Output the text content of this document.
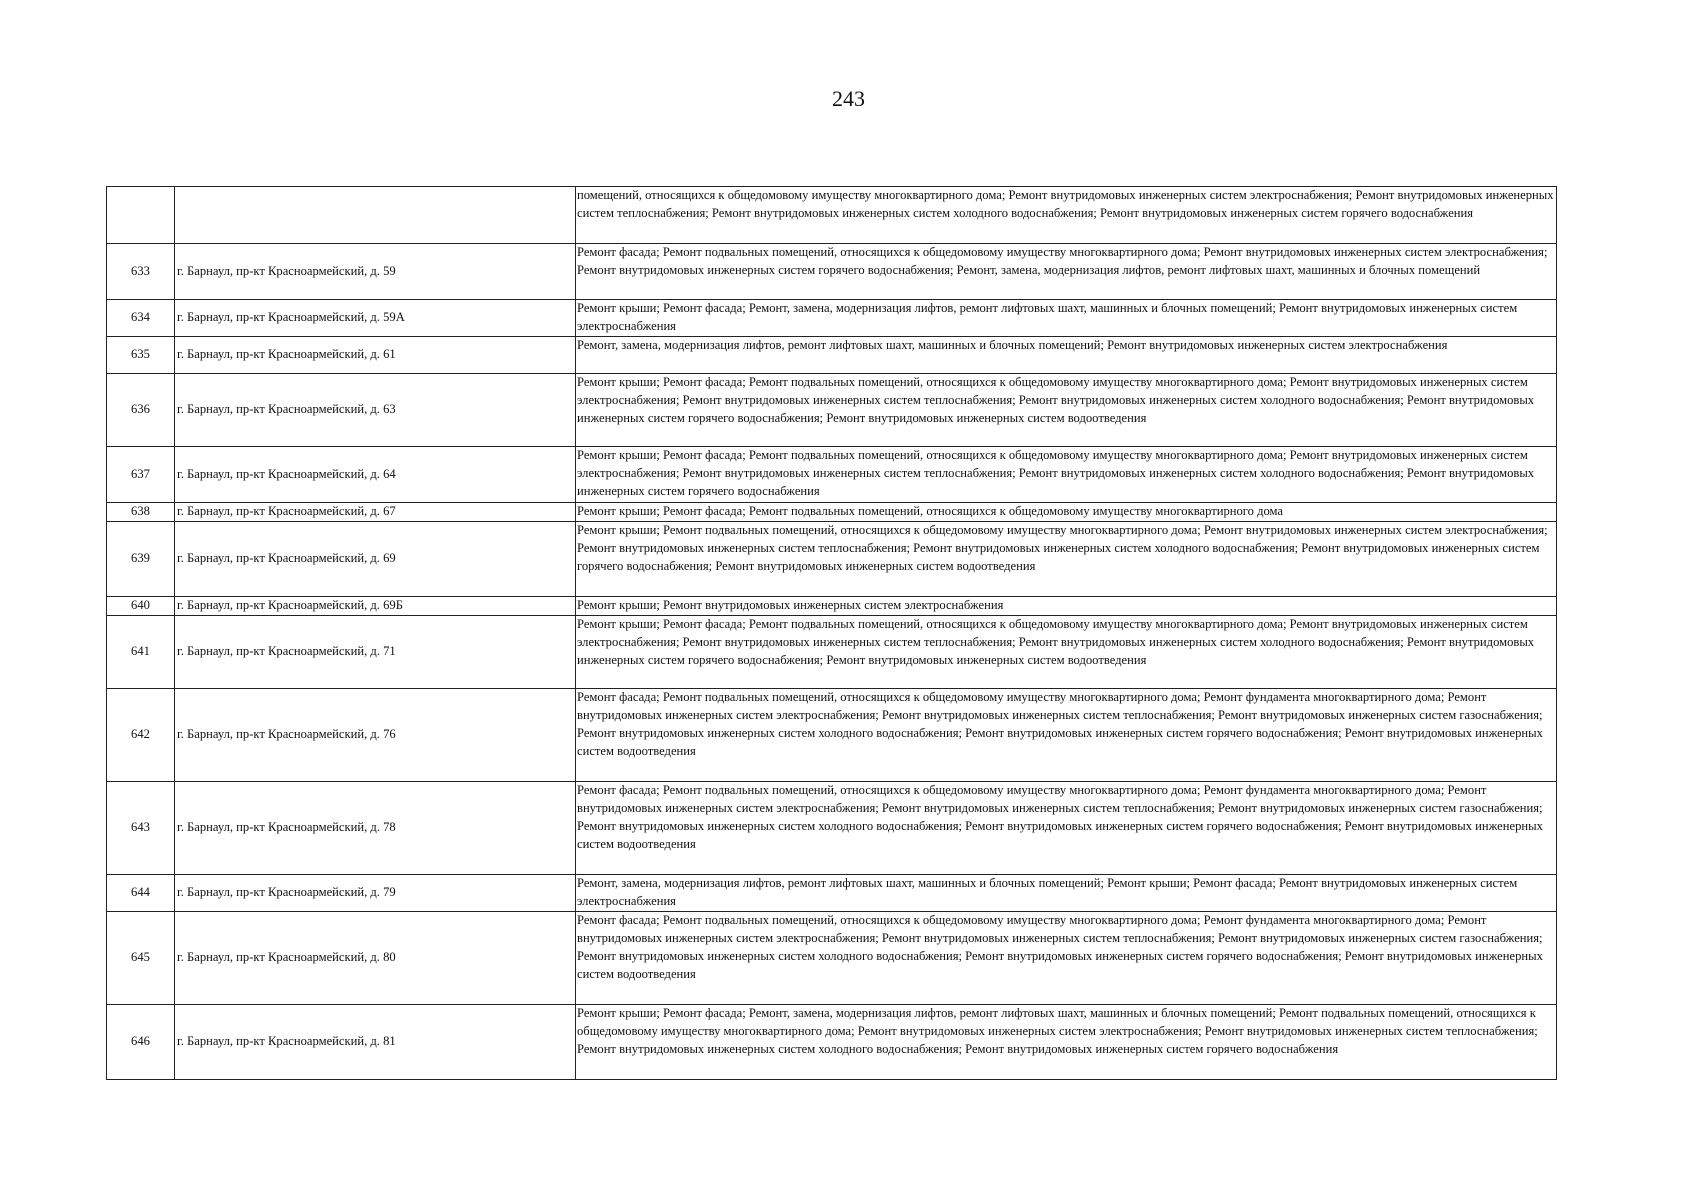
243
		помещений, относящихся к общедомовому имуществу многоквартирного дома; Ремонт внутридомовых инженерных систем электроснабжения; Ремонт внутридомовых инженерных систем теплоснабжения; Ремонт внутридомовых инженерных систем холодного водоснабжения; Ремонт внутридомовых инженерных систем горячего водоснабжения
633	г. Барнаул, пр-кт Красноармейский, д. 59	Ремонт фасада; Ремонт подвальных помещений, относящихся к общедомовому имуществу многоквартирного дома; Ремонт внутридомовых инженерных систем электроснабжения; Ремонт внутридомовых инженерных систем горячего водоснабжения; Ремонт, замена, модернизация лифтов, ремонт лифтовых шахт, машинных и блочных помещений
634	г. Барнаул, пр-кт Красноармейский, д. 59А	Ремонт крыши; Ремонт фасада; Ремонт, замена, модернизация лифтов, ремонт лифтовых шахт, машинных и блочных помещений; Ремонт внутридомовых инженерных систем электроснабжения
635	г. Барнаул, пр-кт Красноармейский, д. 61	Ремонт, замена, модернизация лифтов, ремонт лифтовых шахт, машинных и блочных помещений; Ремонт внутридомовых инженерных систем электроснабжения
636	г. Барнаул, пр-кт Красноармейский, д. 63	Ремонт крыши; Ремонт фасада; Ремонт подвальных помещений, относящихся к общедомовому имуществу многоквартирного дома; Ремонт внутридомовых инженерных систем электроснабжения; Ремонт внутридомовых инженерных систем теплоснабжения; Ремонт внутридомовых инженерных систем холодного водоснабжения; Ремонт внутридомовых инженерных систем горячего водоснабжения; Ремонт внутридомовых инженерных систем водоотведения
637	г. Барнаул, пр-кт Красноармейский, д. 64	Ремонт крыши; Ремонт фасада; Ремонт подвальных помещений, относящихся к общедомовому имуществу многоквартирного дома; Ремонт внутридомовых инженерных систем электроснабжения; Ремонт внутридомовых инженерных систем теплоснабжения; Ремонт внутридомовых инженерных систем холодного водоснабжения; Ремонт внутридомовых инженерных систем горячего водоснабжения
638	г. Барнаул, пр-кт Красноармейский, д. 67	Ремонт крыши; Ремонт фасада; Ремонт подвальных помещений, относящихся к общедомовому имуществу многоквартирного дома
639	г. Барнаул, пр-кт Красноармейский, д. 69	Ремонт крыши; Ремонт подвальных помещений, относящихся к общедомовому имуществу многоквартирного дома; Ремонт внутридомовых инженерных систем электроснабжения; Ремонт внутридомовых инженерных систем теплоснабжения; Ремонт внутридомовых инженерных систем холодного водоснабжения; Ремонт внутридомовых инженерных систем горячего водоснабжения; Ремонт внутридомовых инженерных систем водоотведения
640	г. Барнаул, пр-кт Красноармейский, д. 69Б	Ремонт крыши; Ремонт внутридомовых инженерных систем электроснабжения
641	г. Барнаул, пр-кт Красноармейский, д. 71	Ремонт крыши; Ремонт фасада; Ремонт подвальных помещений, относящихся к общедомовому имуществу многоквартирного дома; Ремонт внутридомовых инженерных систем электроснабжения; Ремонт внутридомовых инженерных систем теплоснабжения; Ремонт внутридомовых инженерных систем холодного водоснабжения; Ремонт внутридомовых инженерных систем горячего водоснабжения; Ремонт внутридомовых инженерных систем водоотведения
642	г. Барнаул, пр-кт Красноармейский, д. 76	Ремонт фасада; Ремонт подвальных помещений, относящихся к общедомовому имуществу многоквартирного дома; Ремонт фундамента многоквартирного дома; Ремонт внутридомовых инженерных систем электроснабжения; Ремонт внутридомовых инженерных систем теплоснабжения; Ремонт внутридомовых инженерных систем газоснабжения; Ремонт внутридомовых инженерных систем холодного водоснабжения; Ремонт внутридомовых инженерных систем горячего водоснабжения; Ремонт внутридомовых инженерных систем водоотведения
643	г. Барнаул, пр-кт Красноармейский, д. 78	Ремонт фасада; Ремонт подвальных помещений, относящихся к общедомовому имуществу многоквартирного дома; Ремонт фундамента многоквартирного дома; Ремонт внутридомовых инженерных систем электроснабжения; Ремонт внутридомовых инженерных систем теплоснабжения; Ремонт внутридомовых инженерных систем газоснабжения; Ремонт внутридомовых инженерных систем холодного водоснабжения; Ремонт внутридомовых инженерных систем горячего водоснабжения; Ремонт внутридомовых инженерных систем водоотведения
644	г. Барнаул, пр-кт Красноармейский, д. 79	Ремонт, замена, модернизация лифтов, ремонт лифтовых шахт, машинных и блочных помещений; Ремонт крыши; Ремонт фасада; Ремонт внутридомовых инженерных систем электроснабжения
645	г. Барнаул, пр-кт Красноармейский, д. 80	Ремонт фасада; Ремонт подвальных помещений, относящихся к общедомовому имуществу многоквартирного дома; Ремонт фундамента многоквартирного дома; Ремонт внутридомовых инженерных систем электроснабжения; Ремонт внутридомовых инженерных систем теплоснабжения; Ремонт внутридомовых инженерных систем газоснабжения; Ремонт внутридомовых инженерных систем холодного водоснабжения; Ремонт внутридомовых инженерных систем горячего водоснабжения; Ремонт внутридомовых инженерных систем водоотведения
646	г. Барнаул, пр-кт Красноармейский, д. 81	Ремонт крыши; Ремонт фасада; Ремонт, замена, модернизация лифтов, ремонт лифтовых шахт, машинных и блочных помещений; Ремонт подвальных помещений, относящихся к общедомовому имуществу многоквартирного дома; Ремонт внутридомовых инженерных систем электроснабжения; Ремонт внутридомовых инженерных систем теплоснабжения; Ремонт внутридомовых инженерных систем холодного водоснабжения; Ремонт внутридомовых инженерных систем горячего водоснабжения
